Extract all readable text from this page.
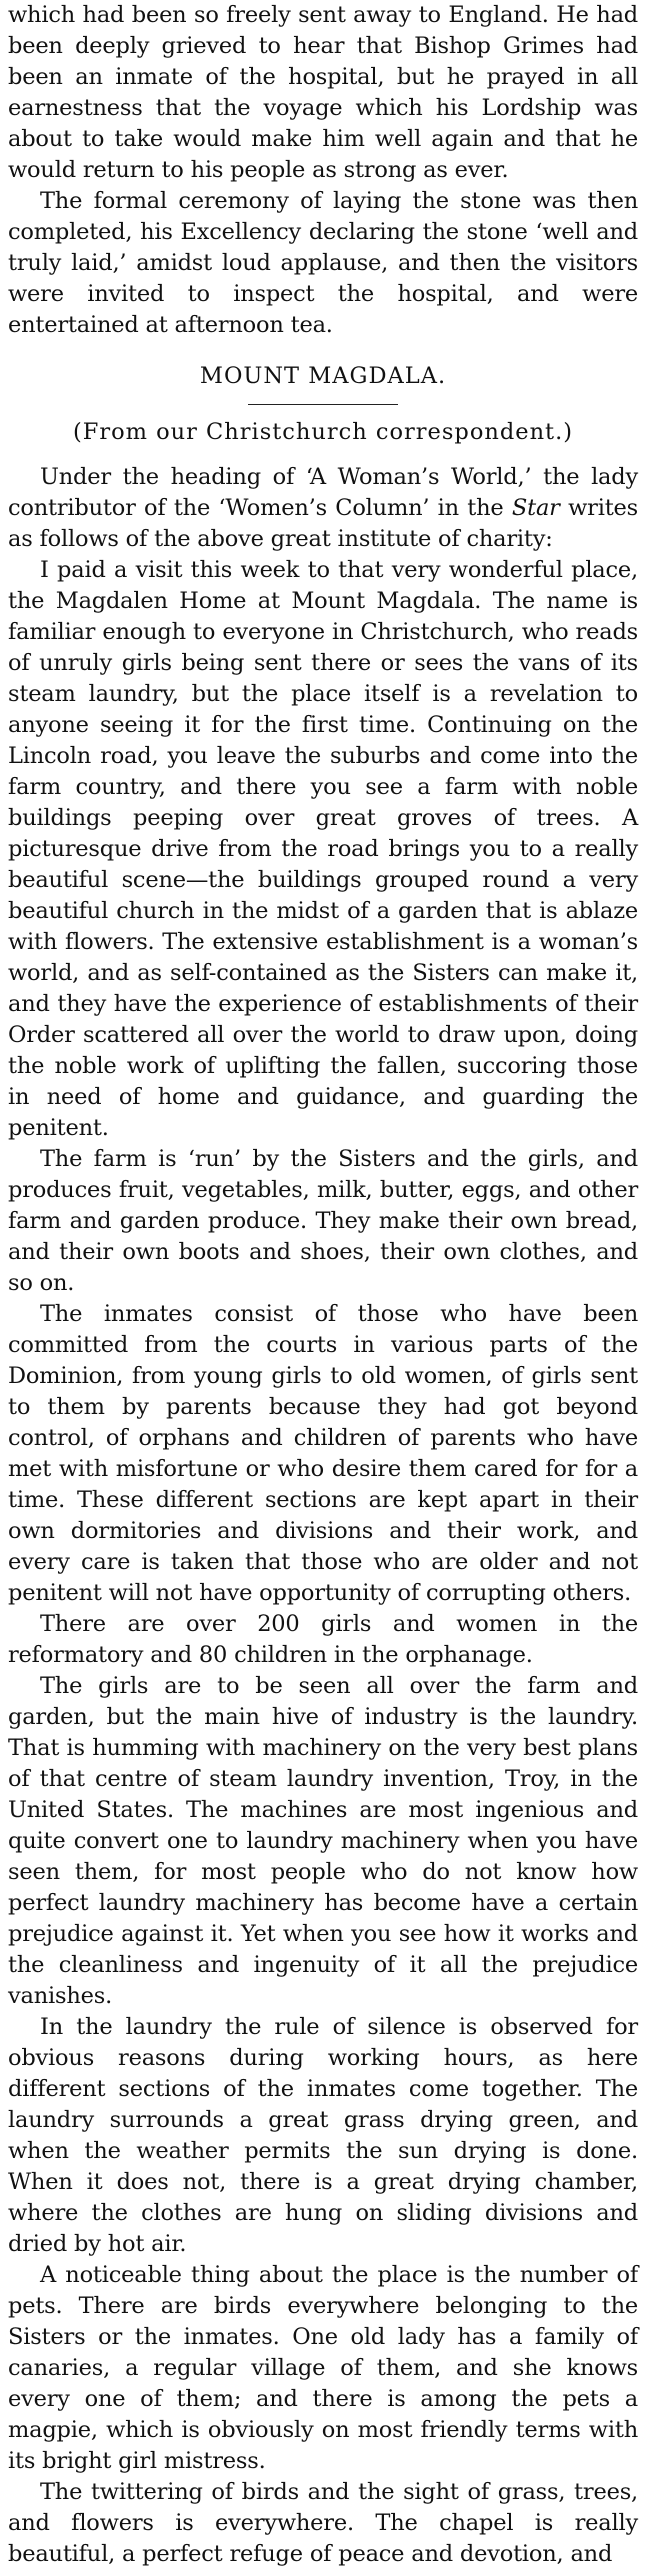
which had been so freely sent away to England. He had been deeply grieved to hear that Bishop Grimes had been an inmate of the hospital, but he prayed in all earnestness that the voyage which his Lordship was about to take would make him well again and that he would return to his people as strong as ever.

The formal ceremony of laying the stone was then completed, his Excellency declaring the stone ‘well and truly laid,’ amidst loud applause, and then the visitors were invited to inspect the hospital, and were entertained at afternoon tea.

MOUNT MAGDALA.
(From our Christchurch correspondent.)

Under the heading of ‘A Woman’s World,’ the lady contributor of the ‘Women’s Column’ in the Star writes as follows of the above great institute of charity:

I paid a visit this week to that very wonderful place, the Magdalen Home at Mount Magdala. The name is familiar enough to everyone in Christchurch, who reads of unruly girls being sent there or sees the vans of its steam laundry, but the place itself is a revelation to anyone seeing it for the first time. Continuing on the Lincoln road, you leave the suburbs and come into the farm country, and there you see a farm with noble buildings peeping over great groves of trees. A picturesque drive from the road brings you to a really beautiful scene—the buildings grouped round a very beautiful church in the midst of a garden that is ablaze with flowers. The extensive establishment is a woman’s world, and as self-contained as the Sisters can make it, and they have the experience of establishments of their Order scattered all over the world to draw upon, doing the noble work of uplifting the fallen, succoring those in need of home and guidance, and guarding the penitent.

The farm is ‘run’ by the Sisters and the girls, and produces fruit, vegetables, milk, butter, eggs, and other farm and garden produce. They make their own bread, and their own boots and shoes, their own clothes, and so on.

The inmates consist of those who have been committed from the courts in various parts of the Dominion, from young girls to old women, of girls sent to them by parents because they had got beyond control, of orphans and children of parents who have met with misfortune or who desire them cared for for a time. These different sections are kept apart in their own dormitories and divisions and their work, and every care is taken that those who are older and not penitent will not have opportunity of corrupting others.

There are over 200 girls and women in the reformatory and 80 children in the orphanage.

The girls are to be seen all over the farm and garden, but the main hive of industry is the laundry. That is humming with machinery on the very best plans of that centre of steam laundry invention, Troy, in the United States. The machines are most ingenious and quite convert one to laundry machinery when you have seen them, for most people who do not know how perfect laundry machinery has become have a certain prejudice against it. Yet when you see how it works and the cleanliness and ingenuity of it all the prejudice vanishes.

In the laundry the rule of silence is observed for obvious reasons during working hours, as here different sections of the inmates come together. The laundry surrounds a great grass drying green, and when the weather permits the sun drying is done. When it does not, there is a great drying chamber, where the clothes are hung on sliding divisions and dried by hot air.

A noticeable thing about the place is the number of pets. There are birds everywhere belonging to the Sisters or the inmates. One old lady has a family of canaries, a regular village of them, and she knows every one of them; and there is among the pets a magpie, which is obviously on most friendly terms with its bright girl mistress.

The twittering of birds and the sight of grass, trees, and flowers is everywhere. The chapel is really beautiful, a perfect refuge of peace and devotion, and
